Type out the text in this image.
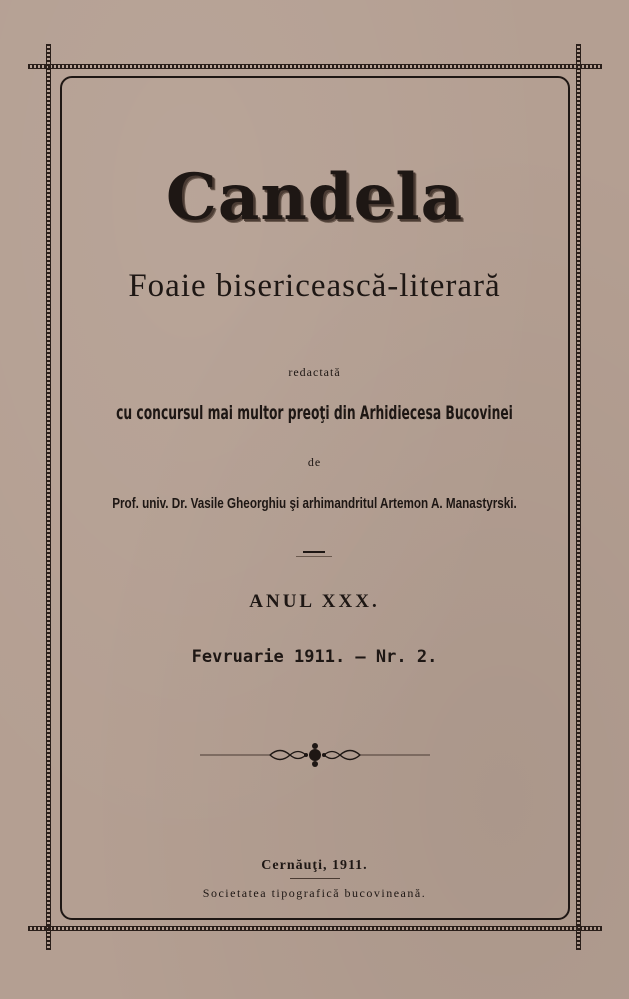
Candela
Foaie bisericească-literară
redactată
cu concursul mai multor preoţi din Arhidiecesa Bucovinei
de
Prof. univ. Dr. Vasile Gheorghiu şi arhimandritul Artemon A. Manastyrski.
ANUL XXX.
Fevruarie 1911. — Nr. 2.
Cernăuţi, 1911.
Societatea tipografică bucovineană.
